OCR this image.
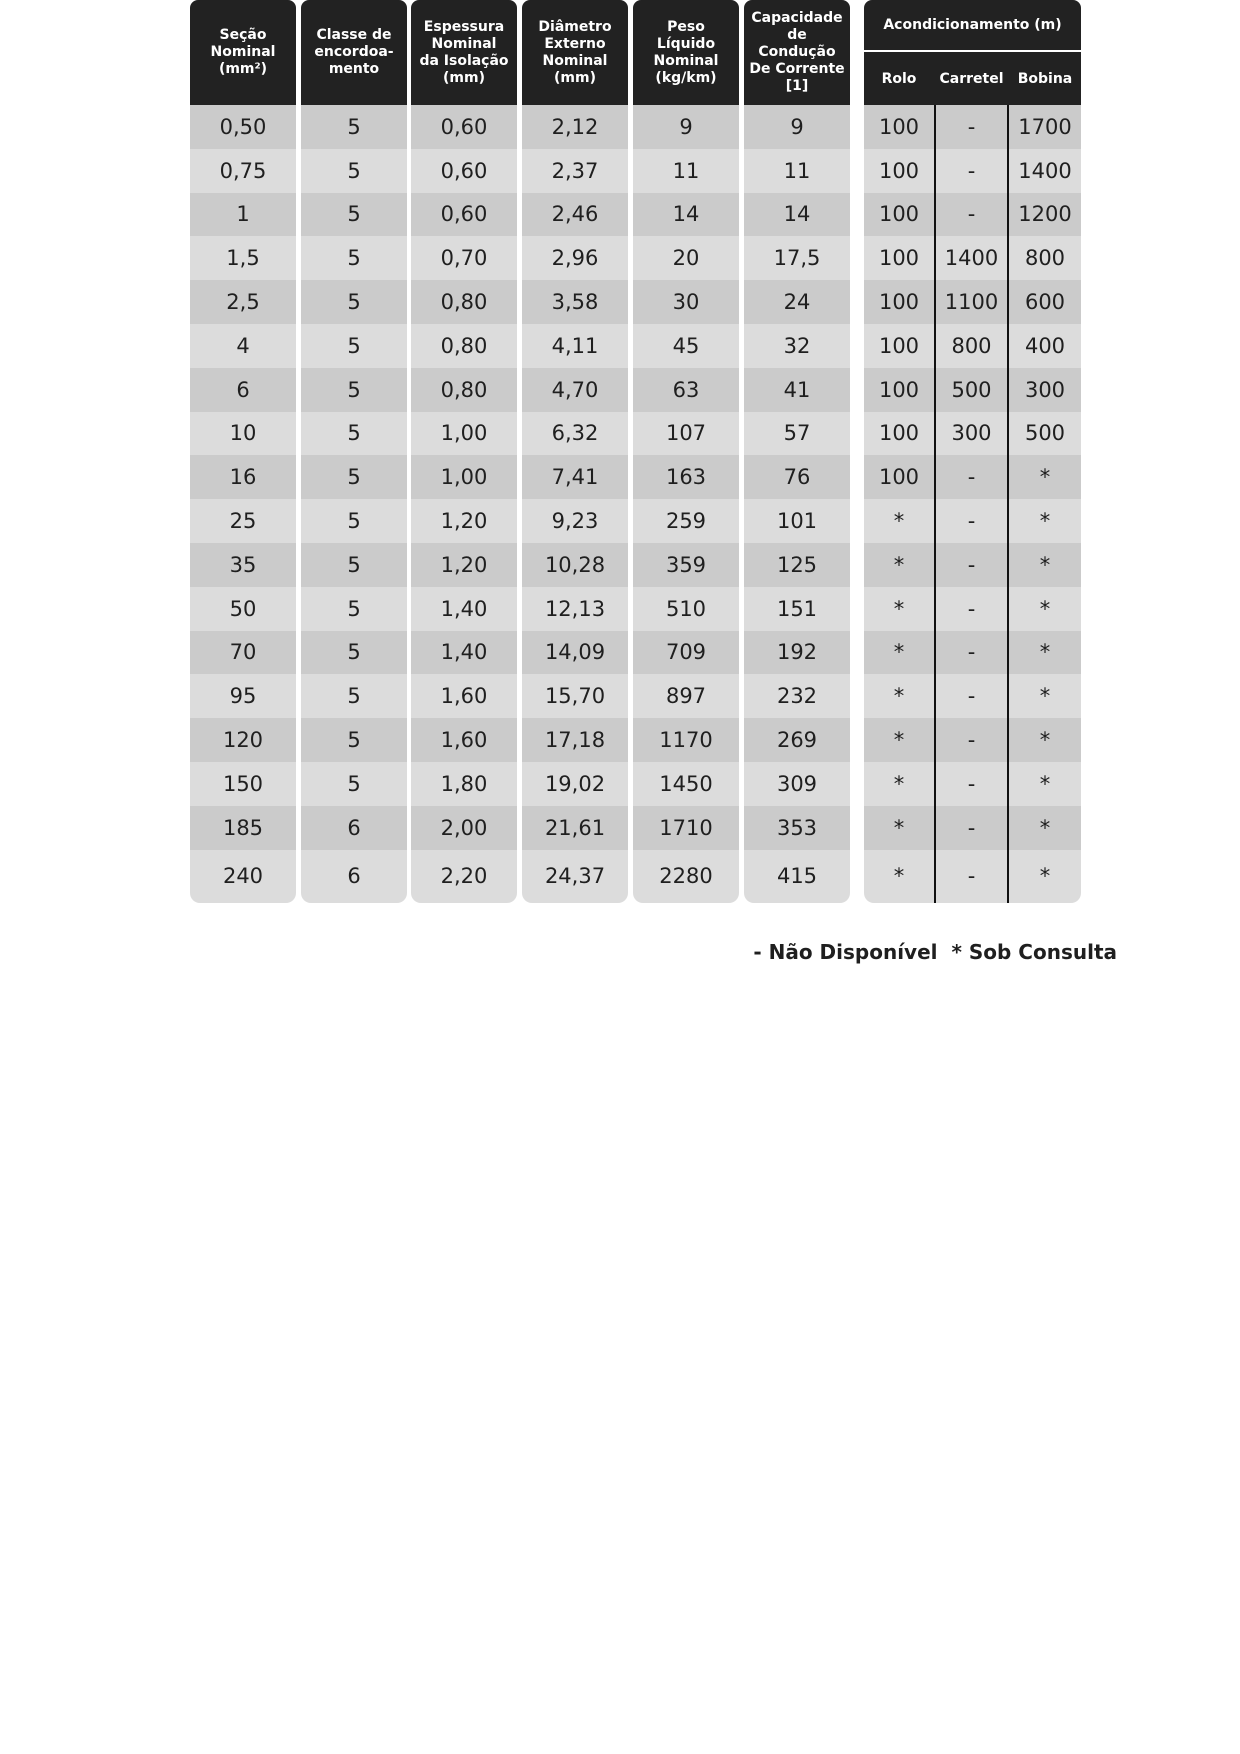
Seção
Nominal
(mm²)
0,50
0,75
1
1,5
2,5
4
6
10
16
25
35
50
70
95
120
150
185
240
Classe de
encordoa-
mento
5
5
5
5
5
5
5
5
5
5
5
5
5
5
5
5
6
6
Espessura
Nominal
da Isolação
(mm)
0,60
0,60
0,60
0,70
0,80
0,80
0,80
1,00
1,00
1,20
1,20
1,40
1,40
1,60
1,60
1,80
2,00
2,20
Diâmetro
Externo
Nominal
(mm)
2,12
2,37
2,46
2,96
3,58
4,11
4,70
6,32
7,41
9,23
10,28
12,13
14,09
15,70
17,18
19,02
21,61
24,37
Peso
Líquido
Nominal
(kg/km)
9
11
14
20
30
45
63
107
163
259
359
510
709
897
1170
1450
1710
2280
Capacidade
de Condução
De Corrente
[1]
9
11
14
17,5
24
32
41
57
76
101
125
151
192
232
269
309
353
415
Acondicionamento (m)
Rolo	Carretel	Bobina
100
100
100
100
100
100
100
100
100
*
*
*
*
*
*
*
*
*
-
-
-
1400
1100
800
500
300
-
-
-
-
-
-
-
-
-
-
1700
1400
1200
800
600
400
300
500
*
*
*
*
*
*
*
*
*
*
- Não Disponível  * Sob Consulta
